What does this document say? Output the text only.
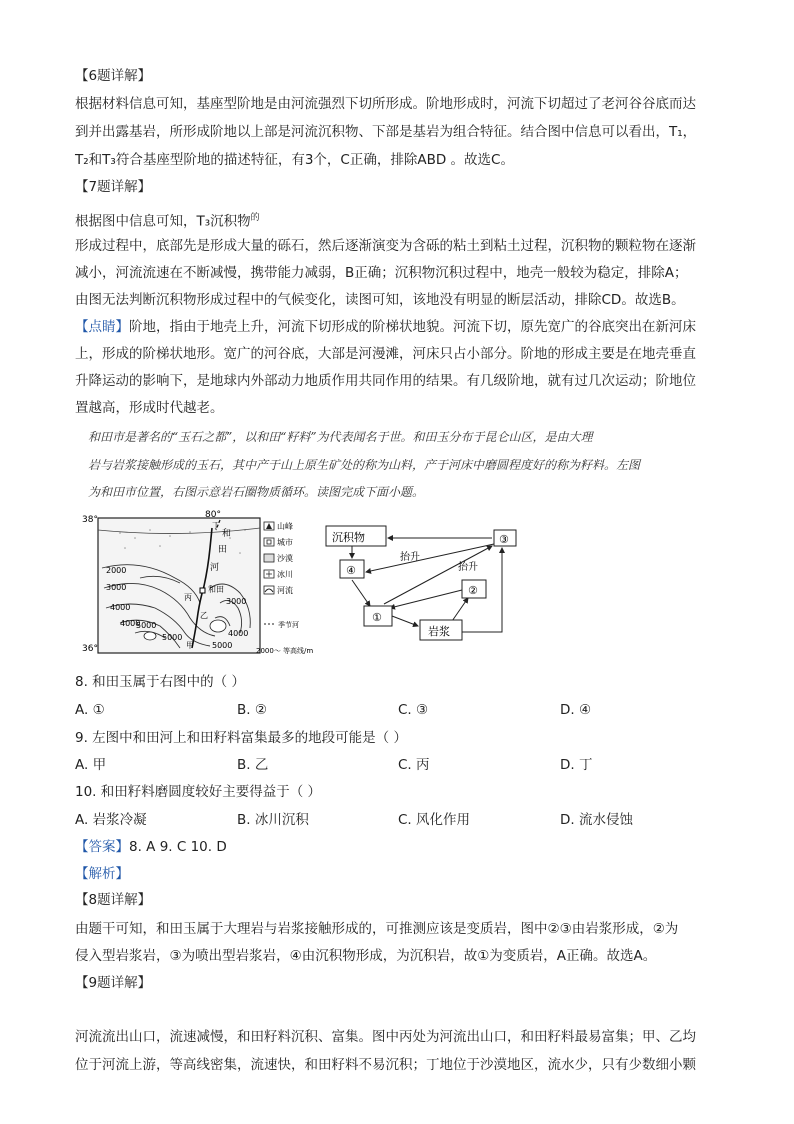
【6题详解】
根据材料信息可知，基座型阶地是由河流强烈下切所形成。阶地形成时，河流下切超过了老河谷谷底而达
到并出露基岩，所形成阶地以上部是河流沉积物、下部是基岩为组合特征。结合图中信息可以看出，T₁，
T₂和T₃符合基座型阶地的描述特征，有3个，C正确，排除ABD 。故选C。
【7题详解】
根据图中信息可知，T₃沉积物$^的$
形成过程中，底部先是形成大量的砾石，然后逐渐演变为含砾的粘土到粘土过程，沉积物的颗粒物在逐渐
减小，河流流速在不断减慢，携带能力减弱，B正确；沉积物沉积过程中，地壳一般较为稳定，排除A；
由图无法判断沉积物形成过程中的气候变化，读图可知，该地没有明显的断层活动，排除CD。故选B。
【点睛】阶地，指由于地壳上升，河流下切形成的阶梯状地貌。河流下切，原先宽广的谷底突出在新河床
上，形成的阶梯状地形。宽广的河谷底，大部是河漫滩，河床只占小部分。阶地的形成主要是在地壳垂直
升降运动的影响下，是地球内外部动力地质作用共同作用的结果。有几级阶地，就有过几次运动；阶地位
置越高，形成时代越老。
和田市是著名的“玉石之都”，以和田“籽料”为代表闻名于世。和田玉分布于昆仑山区，是由大理
岩与岩浆接触形成的玉石，其中产于山上原生矿处的称为山料，产于河床中磨圆程度好的称为籽料。左图
为和田市位置，右图示意岩石圈物质循环。读图完成下面小题。
38°
36°
80°
2000
3000
4000
5000
3000
4000
5000
5000
4000
和
田
河
和田
丙
乙
甲
丁	山峰
城市
沙漠
冰川
河流
季节河
2000～ 等高线/m
沉积物	③
④
②
①
岩浆
抬升
抬升
8. 和田玉属于右图中的（ ）
A. ①	B. ②	C. ③	D. ④
9. 左图中和田河上和田籽料富集最多的地段可能是（ ）
A. 甲	B. 乙	C. 丙	D. 丁
10. 和田籽料磨圆度较好主要得益于（ ）
A. 岩浆冷凝	B. 冰川沉积	C. 风化作用	D. 流水侵蚀
【答案】8. A 9. C 10. D
【解析】
【8题详解】
由题干可知，和田玉属于大理岩与岩浆接触形成的，可推测应该是变质岩，图中②③由岩浆形成，②为
侵入型岩浆岩，③为喷出型岩浆岩，④由沉积物形成，为沉积岩，故①为变质岩，A正确。故选A。
【9题详解】
河流流出山口，流速减慢，和田籽料沉积、富集。图中丙处为河流出山口，和田籽料最易富集；甲、乙均
位于河流上游，等高线密集，流速快，和田籽料不易沉积；丁地位于沙漠地区，流水少，只有少数细小颗
